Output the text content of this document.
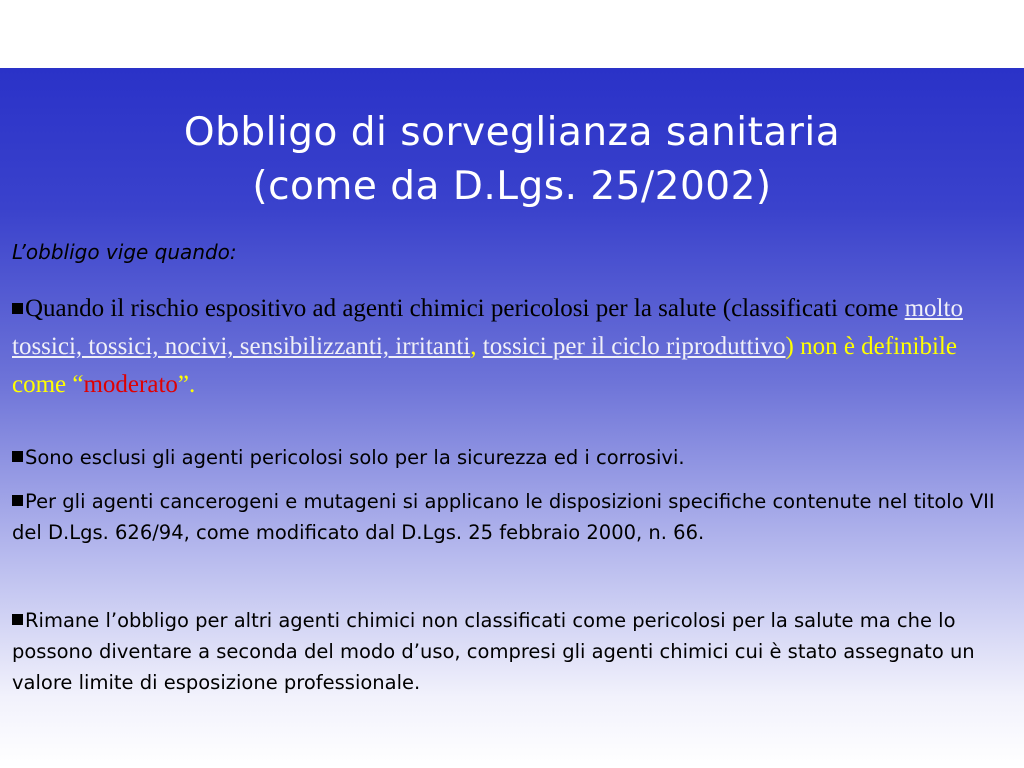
Obbligo di sorveglianza sanitaria
(come da D.Lgs. 25/2002)
L’obbligo vige quando:
Quando il rischio espositivo ad agenti chimici pericolosi per la salute (classificati come molto tossici, tossici, nocivi, sensibilizzanti, irritanti, tossici per il ciclo riproduttivo) non è definibile come “moderato”.
Sono esclusi gli agenti pericolosi solo per la sicurezza ed i corrosivi.
Per gli agenti cancerogeni e mutageni si applicano le disposizioni specifiche contenute nel titolo VII del D.Lgs. 626/94, come modificato dal D.Lgs. 25 febbraio 2000, n. 66.
Rimane l’obbligo per altri agenti chimici non classificati come pericolosi per la salute ma che lo possono diventare a seconda del modo d’uso, compresi gli agenti chimici cui è stato assegnato un valore limite di esposizione professionale.
